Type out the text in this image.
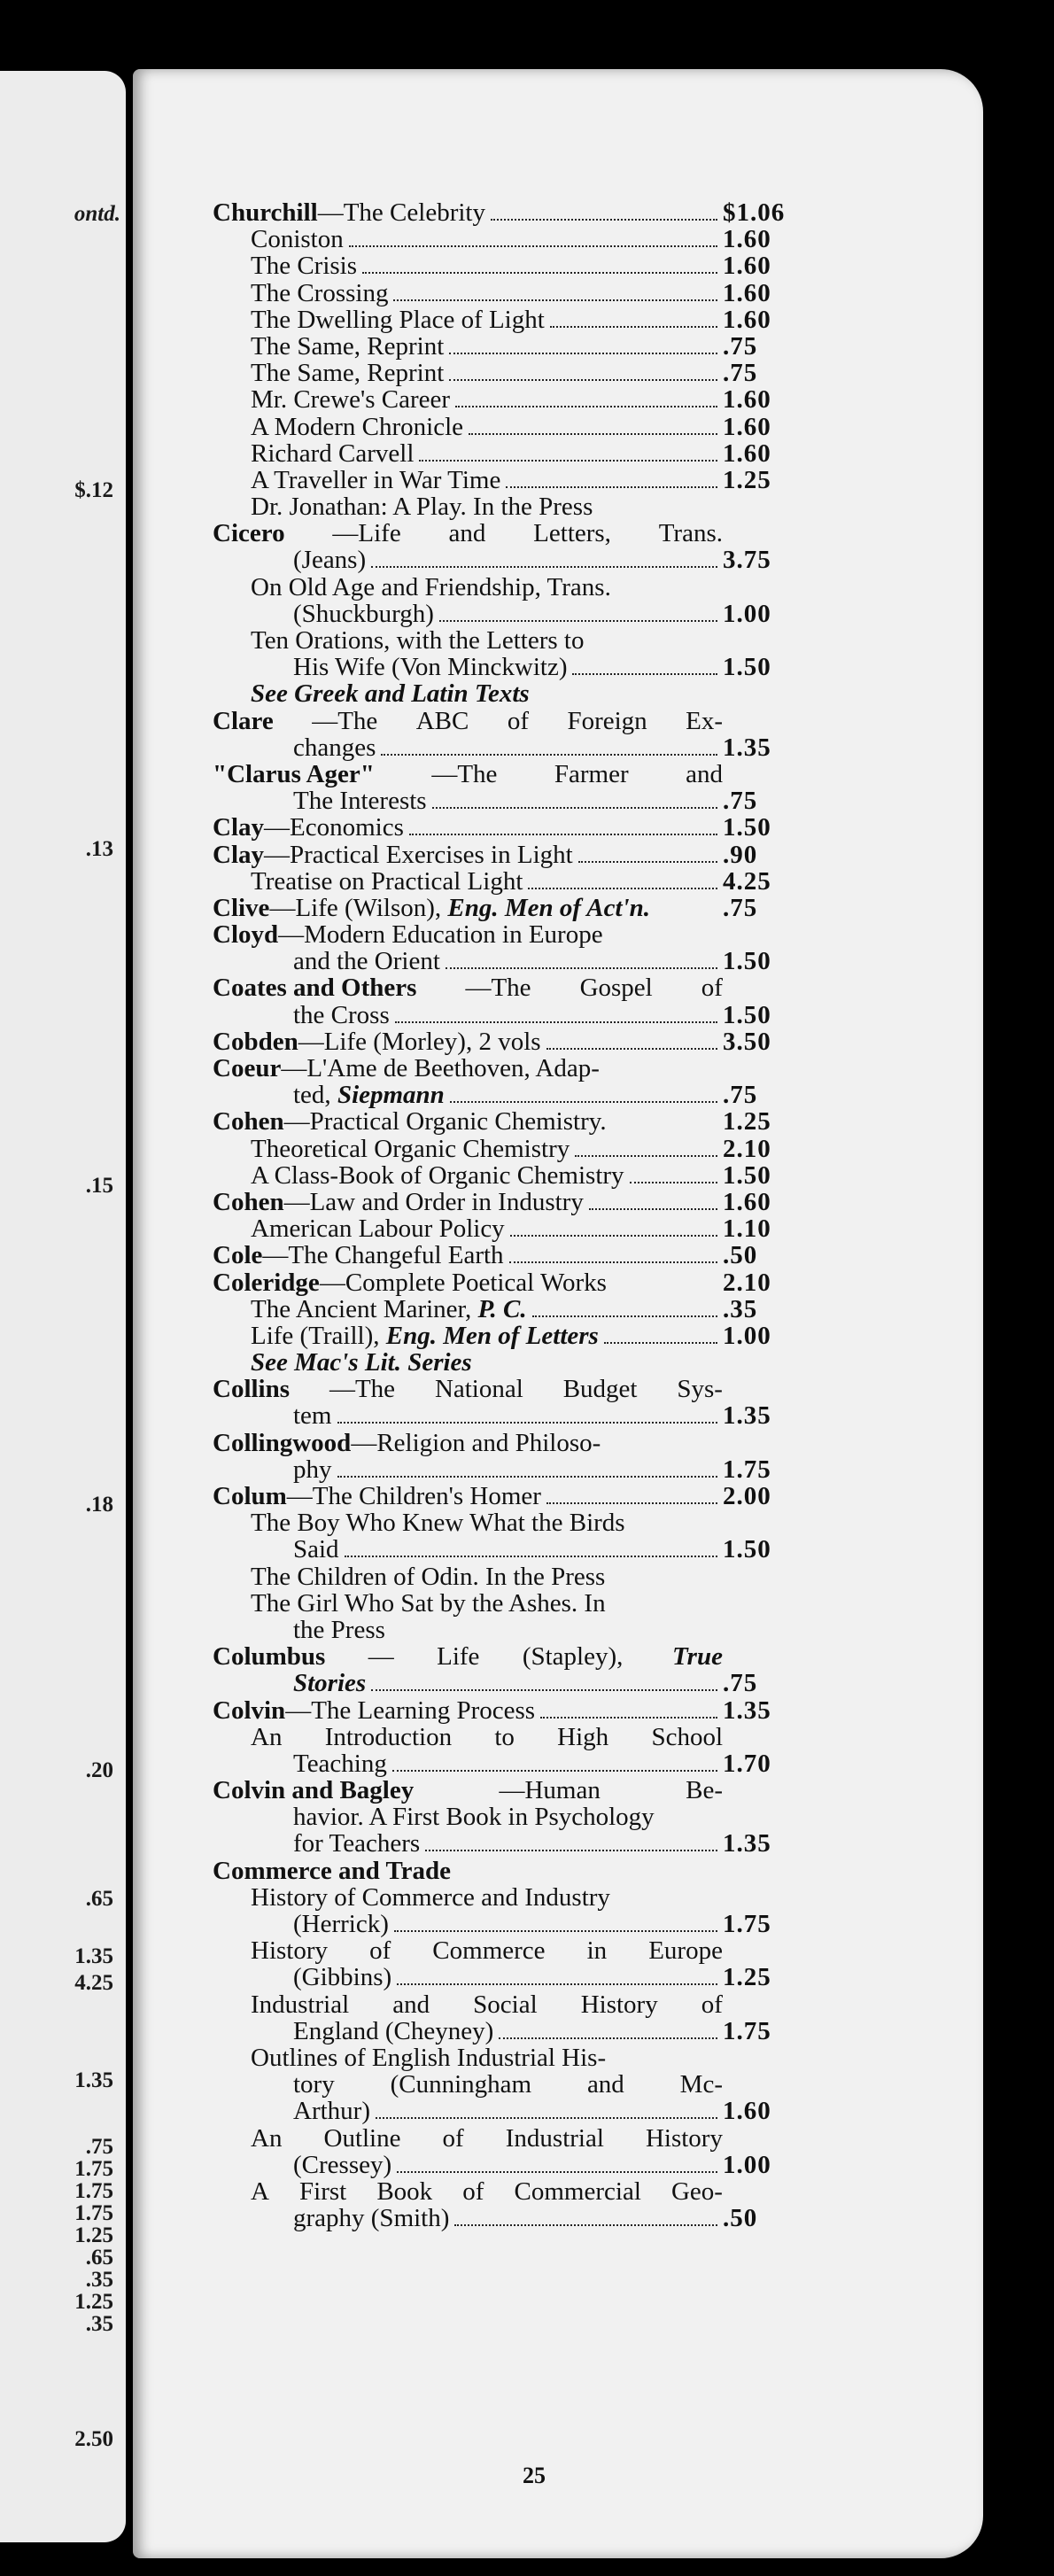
ontd.
$.12
.13
.15
.18
.20
.65
1.35
4.25
1.35
.75
1.75
1.75
1.75
1.25
.65
.35
1.25
.35
2.50
Churchill—The Celebrity	$1.06
Coniston	1.60
The Crisis	1.60
The Crossing	1.60
The Dwelling Place of Light	1.60
The Same, Reprint	.75
The Same, Reprint	.75
Mr. Crewe's Career	1.60
A Modern Chronicle	1.60
Richard Carvell	1.60
A Traveller in War Time	1.25
Dr. Jonathan: A Play. In the Press
Cicero —Life and Letters, Trans.
(Jeans)	3.75
On Old Age and Friendship, Trans.
(Shuckburgh)	1.00
Ten Orations, with the Letters to
His Wife (Von Minckwitz)	1.50
See Greek and Latin Texts
Clare —The ABC of Foreign Ex-
changes	1.35
"Clarus Ager" —The Farmer and
The Interests	.75
Clay—Economics	1.50
Clay—Practical Exercises in Light	.90
Treatise on Practical Light	4.25
Clive—Life (Wilson), Eng. Men of Act'n.	.75
Cloyd—Modern Education in Europe
and the Orient	1.50
Coates and Others —The Gospel of
the Cross	1.50
Cobden—Life (Morley), 2 vols	3.50
Coeur—L'Ame de Beethoven, Adap-
ted, Siepmann	.75
Cohen—Practical Organic Chemistry.	1.25
Theoretical Organic Chemistry	2.10
A Class-Book of Organic Chemistry	1.50
Cohen—Law and Order in Industry	1.60
American Labour Policy	1.10
Cole—The Changeful Earth	.50
Coleridge—Complete Poetical Works	2.10
The Ancient Mariner, P. C.	.35
Life (Traill), Eng. Men of Letters	1.00
See Mac's Lit. Series
Collins —The National Budget Sys-
tem	1.35
Collingwood—Religion and Philoso-
phy	1.75
Colum—The Children's Homer	2.00
The Boy Who Knew What the Birds
Said	1.50
The Children of Odin. In the Press
The Girl Who Sat by the Ashes. In
the Press
Columbus — Life (Stapley), True
Stories	.75
Colvin—The Learning Process	1.35
An Introduction to High School
Teaching	1.70
Colvin and Bagley	—Human	Be-
havior. A First Book in Psychology
for Teachers	1.35
Commerce and Trade
History of Commerce and Industry
(Herrick)	1.75
History of Commerce in Europe
(Gibbins)	1.25
Industrial and Social History of
England (Cheyney)	1.75
Outlines of English Industrial His-
tory (Cunningham and Mc-
Arthur)	1.60
An Outline of Industrial History
(Cressey)	1.00
A First Book of Commercial Geo-
graphy (Smith)	.50
25
